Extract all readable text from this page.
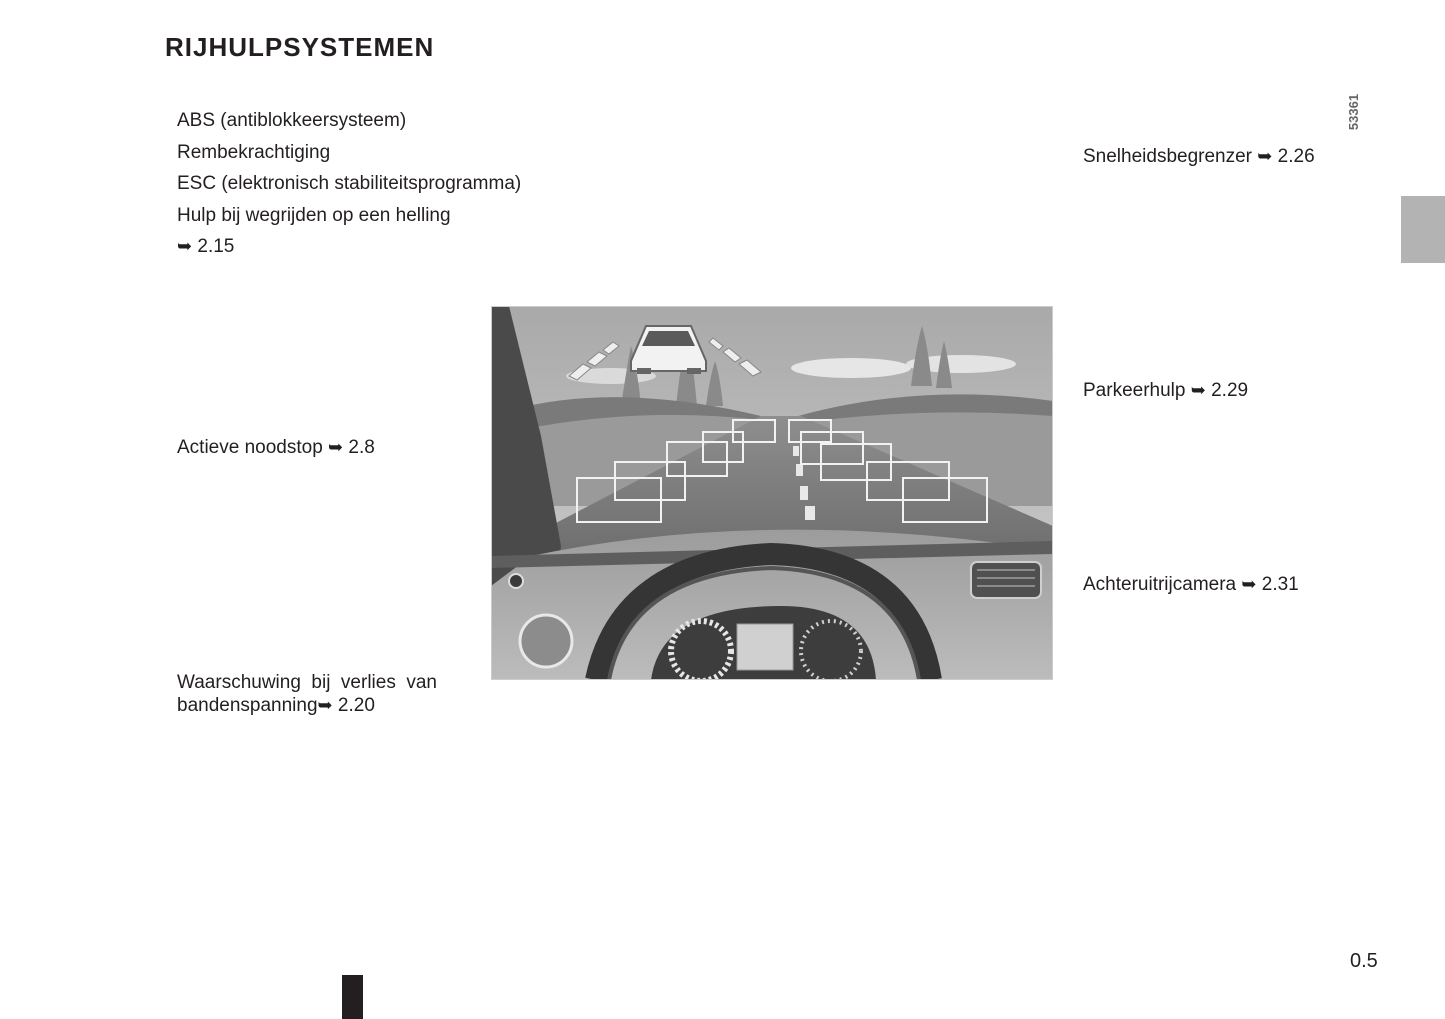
RIJHULPSYSTEMEN
53361
ABS (antiblokkeersysteem)
Rembekrachtiging
ESC (elektronisch stabiliteitsprogramma)
Hulp bij wegrijden op een helling
➥ 2.15
Actieve noodstop ➥ 2.8
Waarschuwing bij verlies van
bandenspanning➥ 2.20
Snelheidsbegrenzer ➥ 2.26
Parkeerhulp ➥ 2.29
Achteruitrijcamera ➥ 2.31
0.5
